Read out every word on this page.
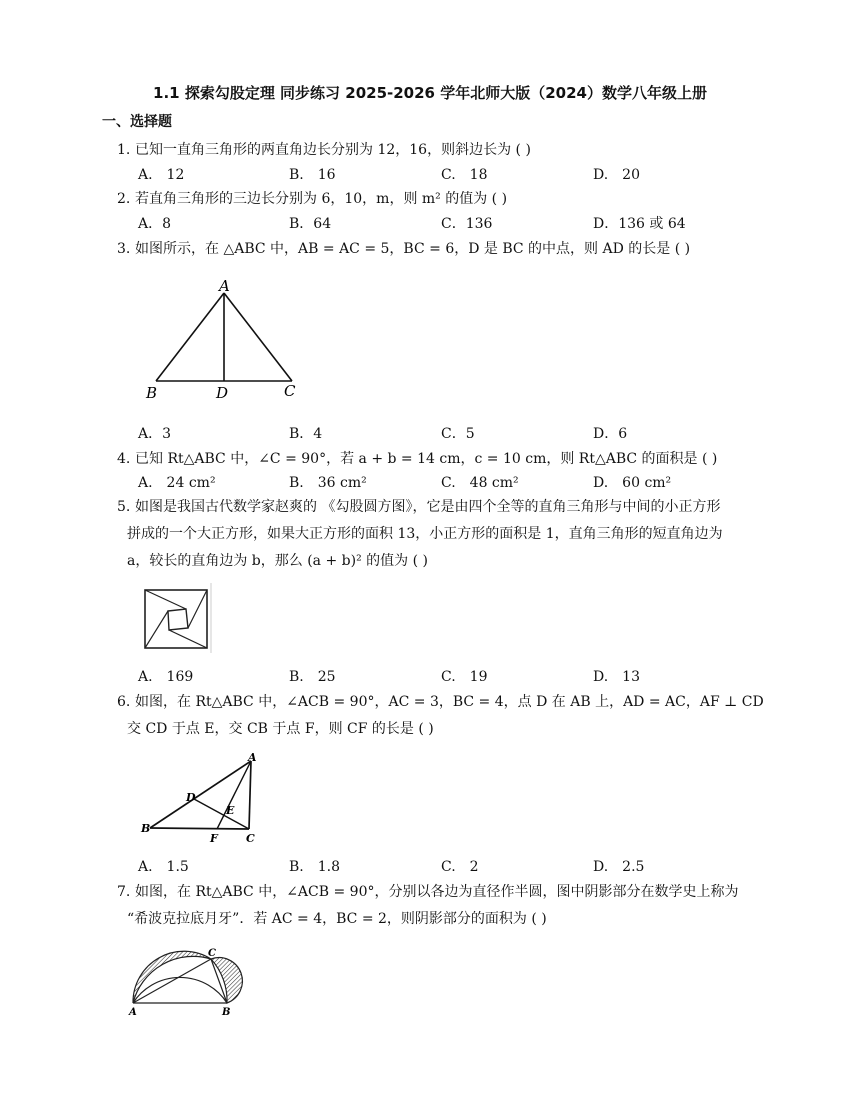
1.1 探索勾股定理 同步练习 2025-2026 学年北师大版（2024）数学八年级上册
一、选择题
1. 已知一直角三角形的两直角边长分别为 12，16，则斜边长为 ( )
A.　12	B.　16	C.　18	D.　20
2. 若直角三角形的三边长分别为 6，10，m，则 m² 的值为 ( )
A．8	B．64	C．136	D．136 或 64
3. 如图所示，在 △ABC 中，AB = AC = 5，BC = 6，D 是 BC 的中点，则 AD 的长是 ( )
A
B	D	C
A．3	B．4	C．5	D．6
4. 已知 Rt△ABC 中，∠C = 90°，若 a + b = 14 cm，c = 10 cm，则 Rt△ABC 的面积是 ( )
A.　24 cm²	B.　36 cm²	C.　48 cm²	D.　60 cm²
5. 如图是我国古代数学家赵爽的 《勾股圆方图》，它是由四个全等的直角三角形与中间的小正方形
拼成的一个大正方形，如果大正方形的面积 13，小正方形的面积是 1，直角三角形的短直角边为
a，较长的直角边为 b，那么 (a + b)² 的值为 ( )
A.　169	B.　25	C.　19	D.　13
6. 如图，在 Rt△ABC 中，∠ACB = 90°，AC = 3，BC = 4，点 D 在 AB 上，AD = AC，AF ⊥ CD
交 CD 于点 E，交 CB 于点 F，则 CF 的长是 ( )
A
D
E
B
F	C
A.　1.5	B.　1.8	C.　2	D.　2.5
7. 如图，在 Rt△ABC 中，∠ACB = 90°，分别以各边为直径作半圆，图中阴影部分在数学史上称为
“希波克拉底月牙”．若 AC = 4，BC = 2，则阴影部分的面积为 ( )
C
A	B
